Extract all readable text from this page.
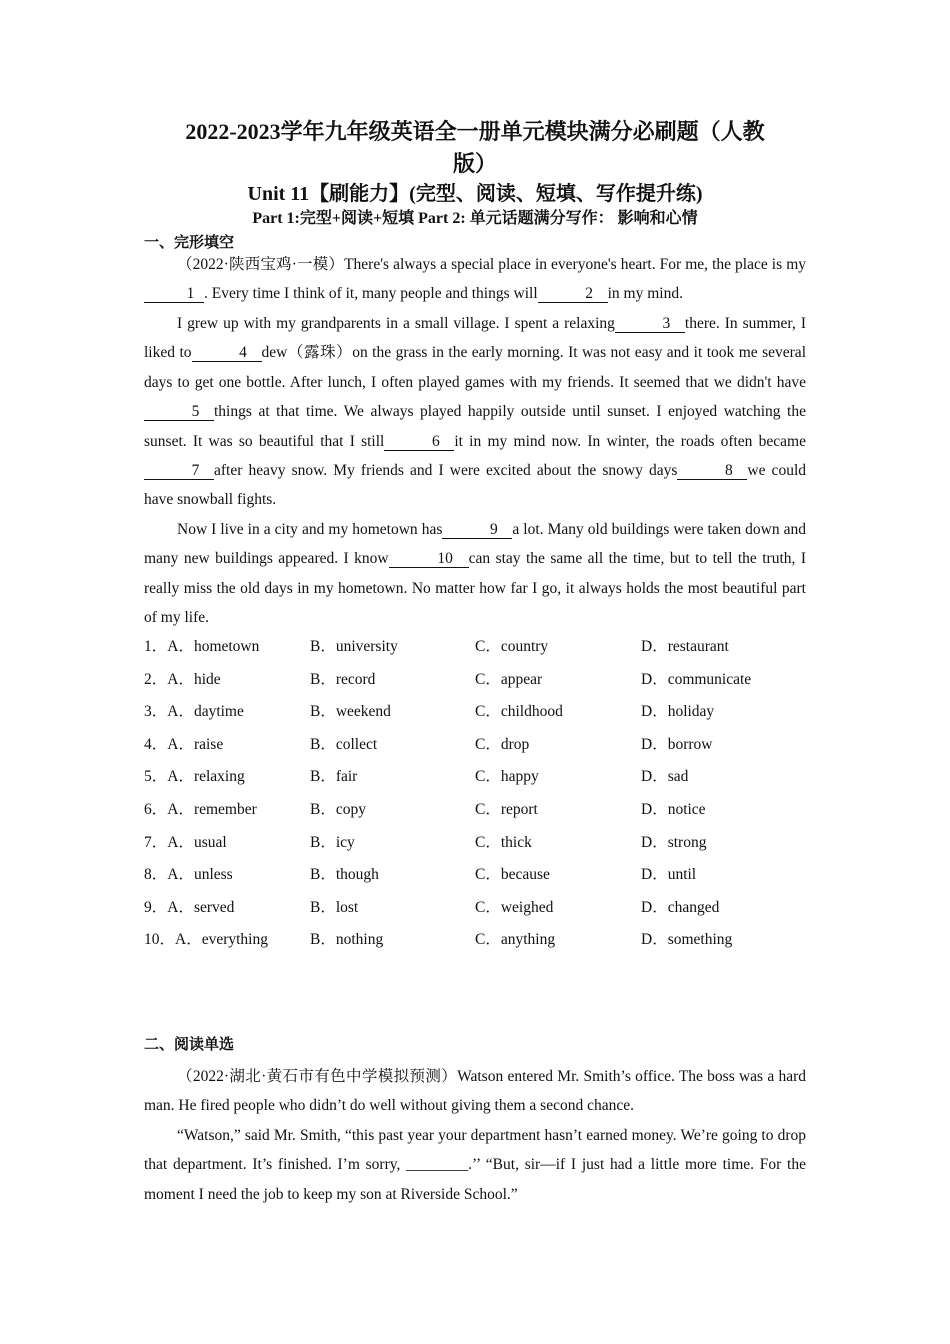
2022-2023学年九年级英语全一册单元模块满分必刷题（人教
版）
Unit 11【刷能力】(完型、阅读、短填、写作提升练)
Part 1:完型+阅读+短填 Part 2: 单元话题满分写作： 影响和心情
一、完形填空
（2022·陕西宝鸡·一模）There's always a special place in everyone's heart. For me, the place is my1 . Every time I think of it, many people and things will	2 in my mind.
I grew up with my grandparents in a small village. I spent a relaxing	3 there. In summer, I liked to	4 dew（露珠）on the grass in the early morning. It was not easy and it took me several days to get one bottle. After lunch, I often played games with my friends. It seemed that we didn't have5 things at that time. We always played happily outside until sunset. I enjoyed watching the sunset. It was so beautiful that I still	6 it in my mind now. In winter, the roads often became7 after heavy snow. My friends and I were excited about the snowy days	8 we could have snowball fights.
Now I live in a city and my hometown has	9 a lot. Many old buildings were taken down and many new buildings appeared. I know	10 can stay the same all the time, but to tell the truth, I really miss the old days in my hometown. No matter how far I go, it always holds the most beautiful part of my life.
1．A．hometown	B．university	C．country	D．restaurant
2．A．hide	B．record	C．appear	D．communicate
3．A．daytime	B．weekend	C．childhood	D．holiday
4．A．raise	B．collect	C．drop	D．borrow
5．A．relaxing	B．fair	C．happy	D．sad
6．A．remember	B．copy	C．report	D．notice
7．A．usual	B．icy	C．thick	D．strong
8．A．unless	B．though	C．because	D．until
9．A．served	B．lost	C．weighed	D．changed
10．A．everything	B．nothing	C．anything	D．something
二、阅读单选
（2022·湖北·黄石市有色中学模拟预测）Watson entered Mr. Smith’s office. The boss was a hard man. He fired people who didn’t do well without giving them a second chance.
“Watson,” said Mr. Smith, “this past year your department hasn’t earned money. We’re going to drop that department. It’s finished. I’m sorry, ________.’’ “But, sir—if I just had a little more time. For the moment I need the job to keep my son at Riverside School.”
